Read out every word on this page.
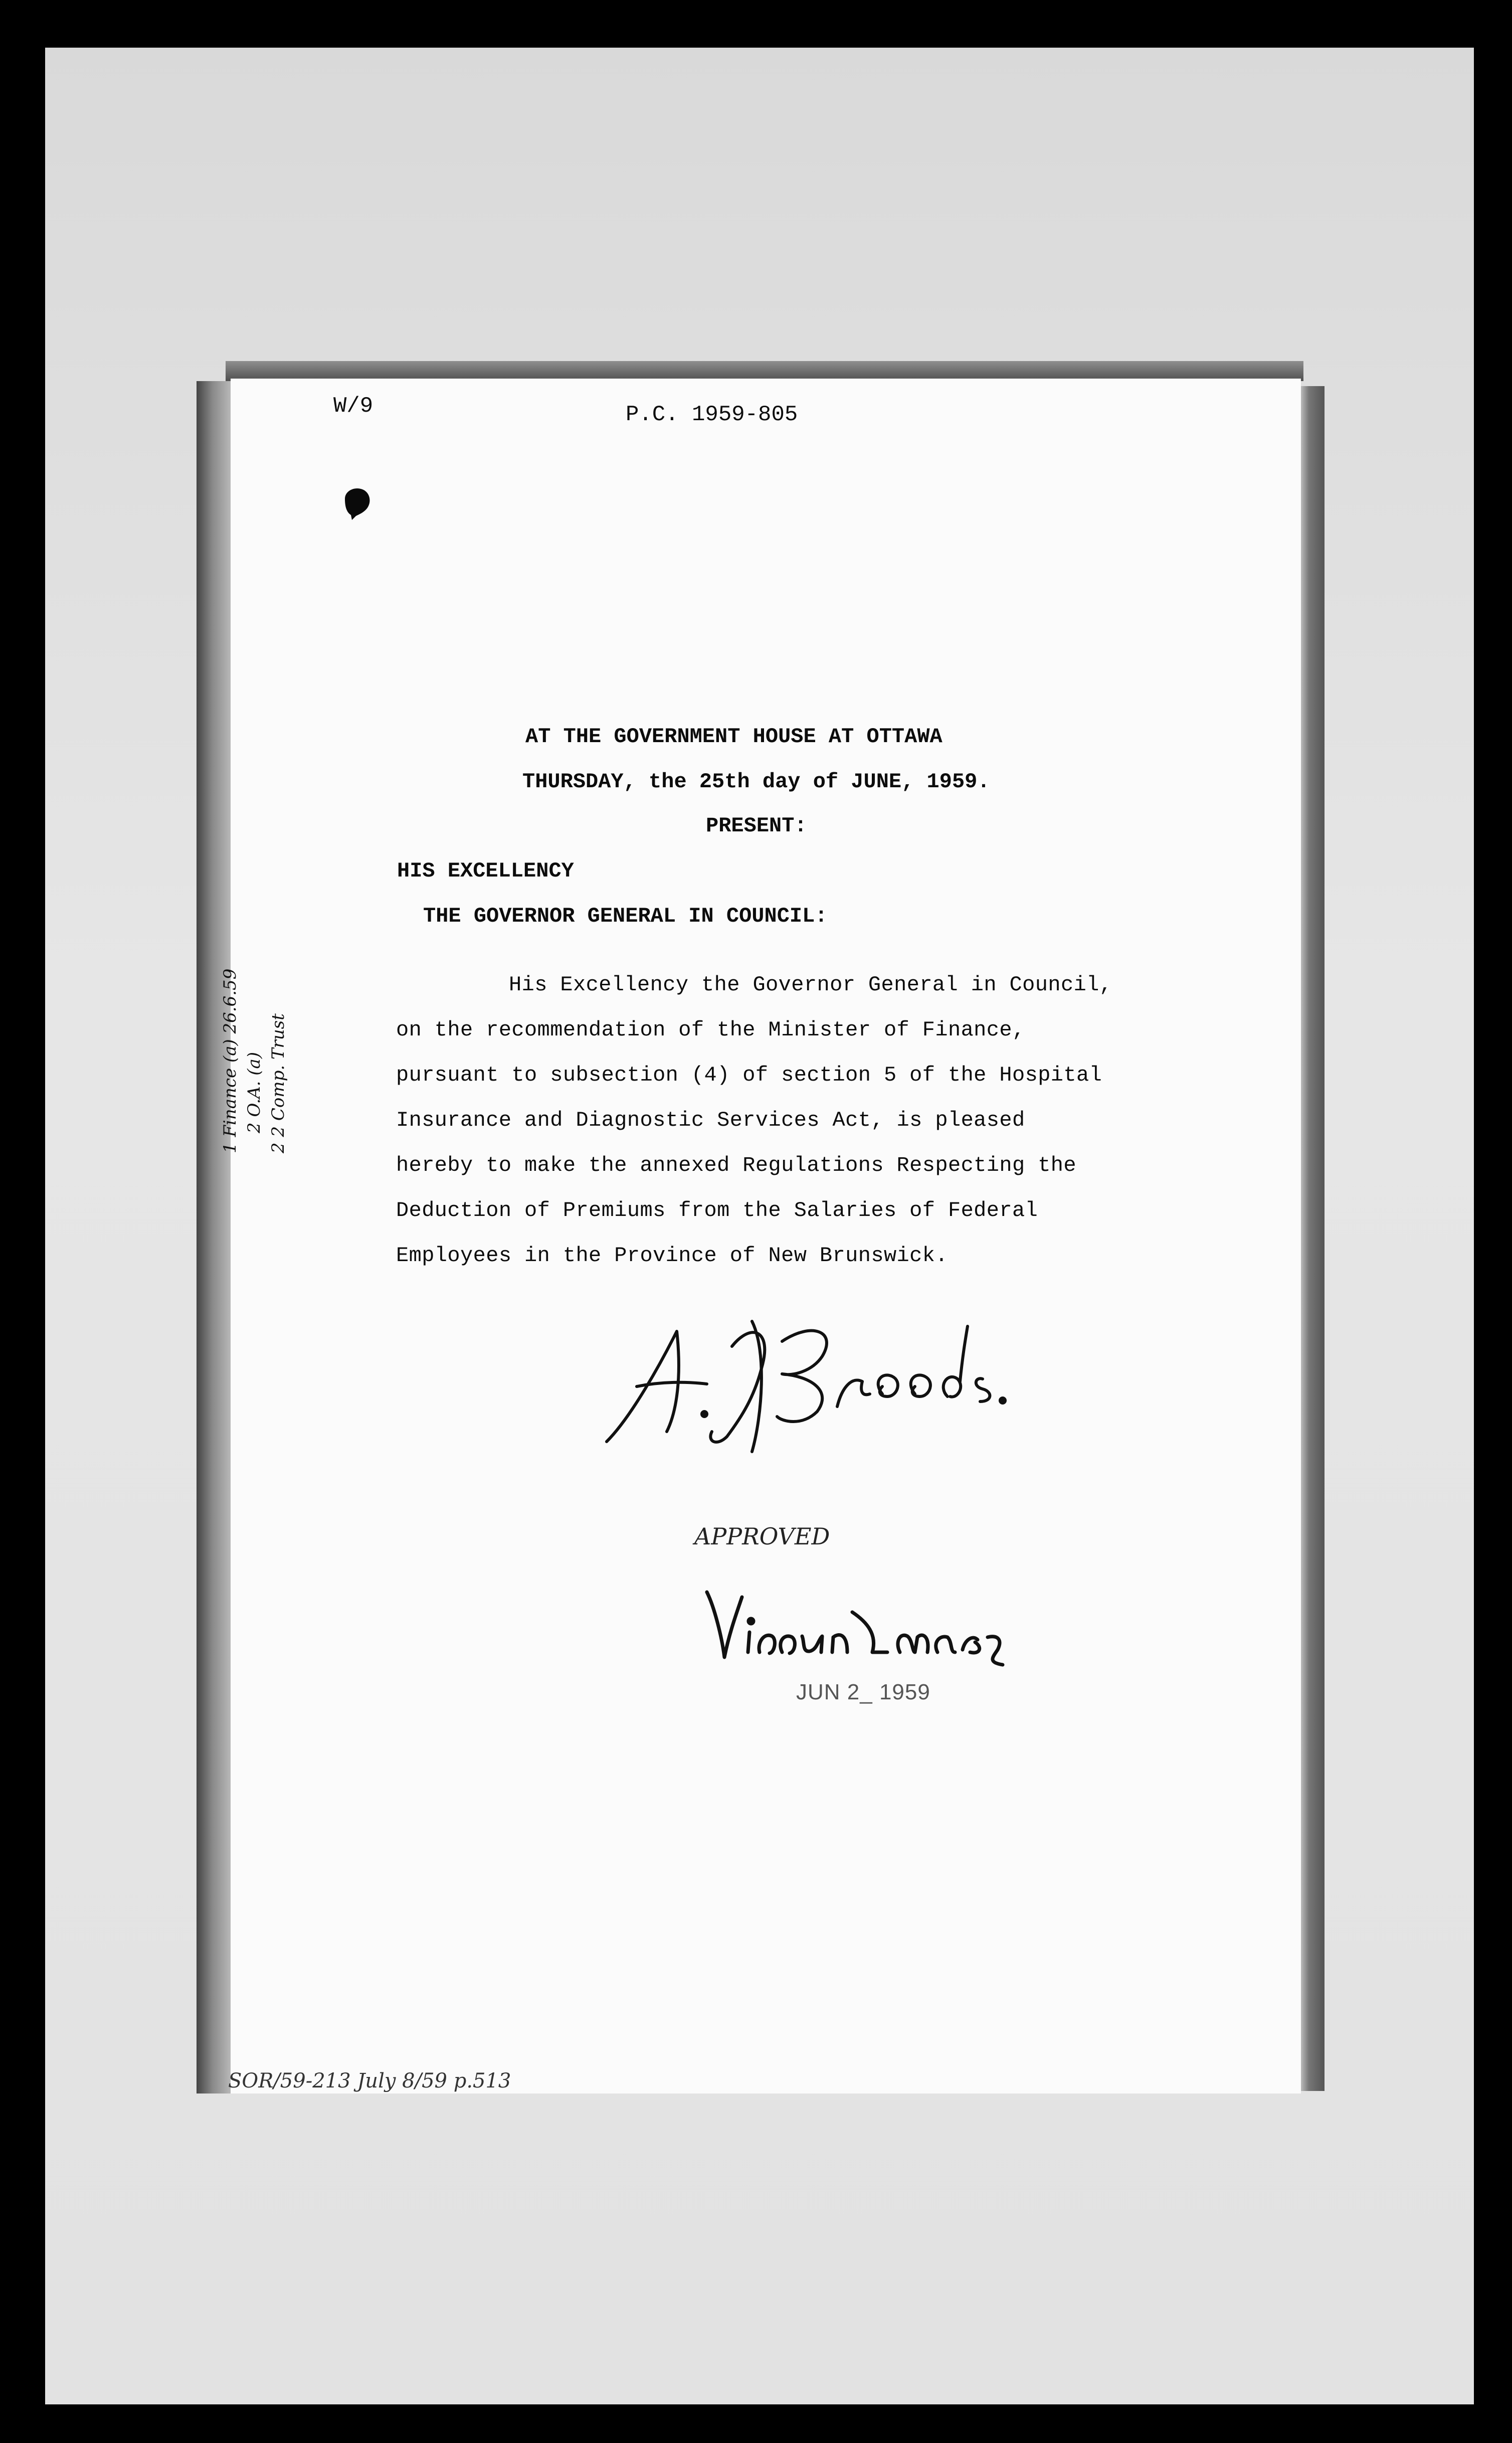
W/9	P.C. 1959-805
AT THE GOVERNMENT HOUSE AT OTTAWA
THURSDAY, the 25th day of JUNE, 1959.
PRESENT:
HIS EXCELLENCY
THE GOVERNOR GENERAL IN COUNCIL:
His Excellency the Governor General in Council,
on the recommendation of the Minister of Finance,
pursuant to subsection (4) of section 5 of the Hospital
Insurance and Diagnostic Services Act, is pleased
hereby to make the annexed Regulations Respecting the
Deduction of Premiums from the Salaries of Federal
Employees in the Province of New Brunswick.
APPROVED
JUN 2_ 1959
1 Finance (a) 26.6.59 2 O.A. (a) 2 2 Comp. Trust
SOR/59-213 July 8/59 p.513
